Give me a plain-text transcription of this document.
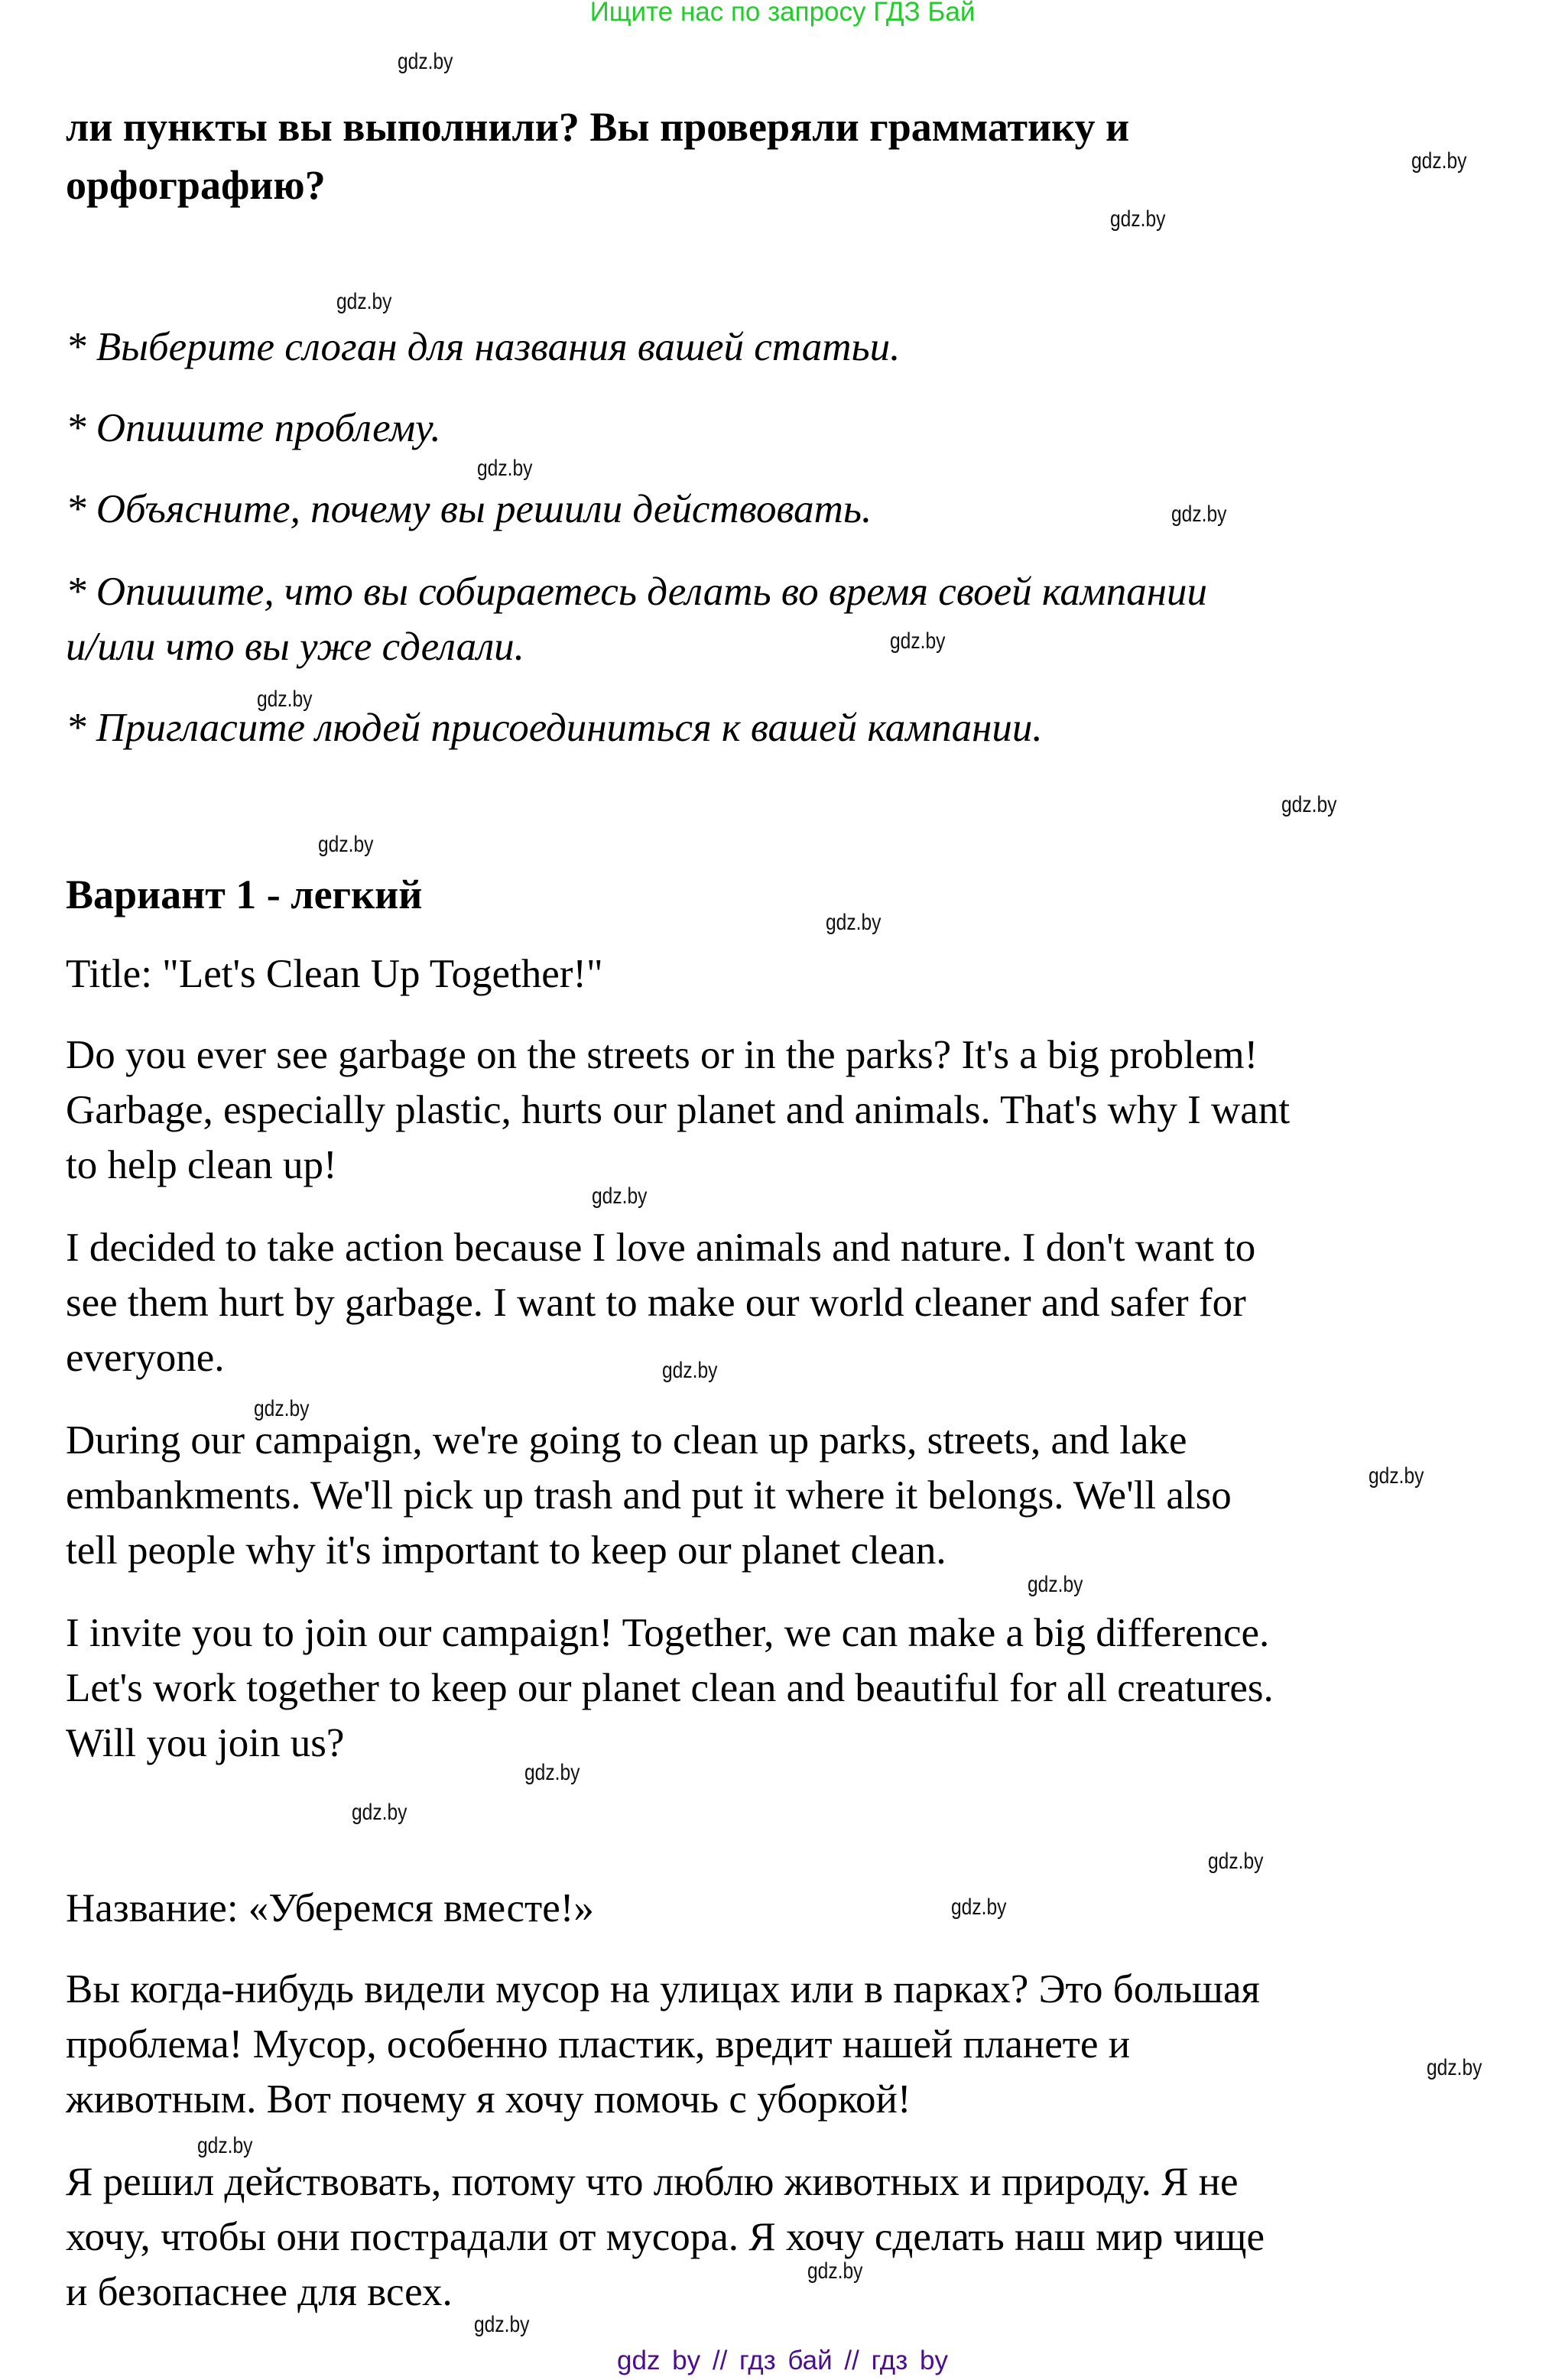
Ищите нас по запросу ГДЗ Бай
gdz.by
gdz.by
gdz.by
gdz.by
gdz.by
gdz.by
gdz.by
gdz.by
gdz.by
gdz.by
gdz.by
gdz.by
gdz.by
gdz.by
gdz.by
gdz.by
gdz.by
gdz.by
gdz.by
gdz.by
gdz.by
gdz.by
gdz.by
gdz.by
ли пункты вы выполнили? Вы проверяли грамматику и
орфографию?
* Выберите слоган для названия вашей статьи.
* Опишите проблему.
* Объясните, почему вы решили действовать.
* Опишите, что вы собираетесь делать во время своей кампании
и/или что вы уже сделали.
* Пригласите людей присоединиться к вашей кампании.
Вариант 1 - легкий
Title: "Let's Clean Up Together!"
Do you ever see garbage on the streets or in the parks? It's a big problem!
Garbage, especially plastic, hurts our planet and animals. That's why I want
to help clean up!
I decided to take action because I love animals and nature. I don't want to
see them hurt by garbage. I want to make our world cleaner and safer for
everyone.
During our campaign, we're going to clean up parks, streets, and lake
embankments. We'll pick up trash and put it where it belongs. We'll also
tell people why it's important to keep our planet clean.
I invite you to join our campaign! Together, we can make a big difference.
Let's work together to keep our planet clean and beautiful for all creatures.
Will you join us?
Название: «Уберемся вместе!»
Вы когда-нибудь видели мусор на улицах или в парках? Это большая
проблема! Мусор, особенно пластик, вредит нашей планете и
животным. Вот почему я хочу помочь с уборкой!
Я решил действовать, потому что люблю животных и природу. Я не
хочу, чтобы они пострадали от мусора. Я хочу сделать наш мир чище
и безопаснее для всех.
gdz by // гдз бай // гдз by
